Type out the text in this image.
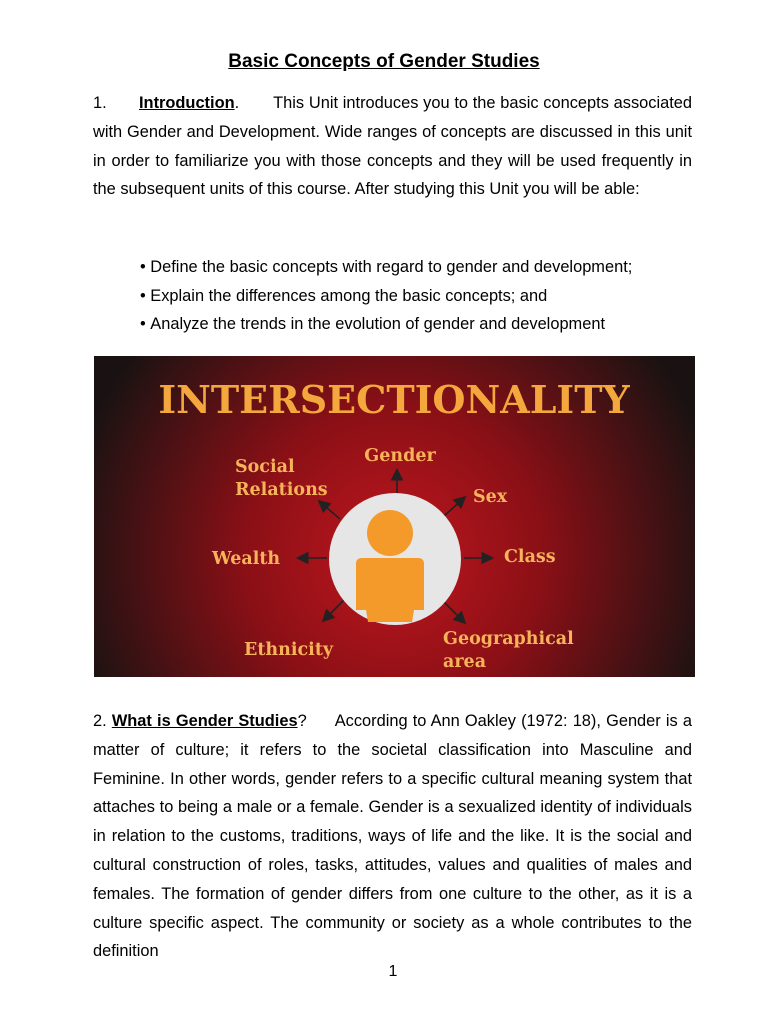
Basic Concepts of Gender Studies

1. Introduction. This Unit introduces you to the basic concepts associated with Gender and Development. Wide ranges of concepts are discussed in this unit in order to familiarize you with those concepts and they will be used frequently in the subsequent units of this course. After studying this Unit you will be able:

• Define the basic concepts with regard to gender and development;
• Explain the differences among the basic concepts; and
• Analyze the trends in the evolution of gender and development
INTERSECTIONALITY
Gender
Social
Relations	Sex
Wealth	Class
Ethnicity
Geographical
area

2. What is Gender Studies? According to Ann Oakley (1972: 18), Gender is a matter of culture; it refers to the societal classification into Masculine and Feminine. In other words, gender refers to a specific cultural meaning system that attaches to being a male or a female. Gender is a sexualized identity of individuals in relation to the customs, traditions, ways of life and the like. It is the social and cultural construction of roles, tasks, attitudes, values and qualities of males and females. The formation of gender differs from one culture to the other, as it is a culture specific aspect. The community or society as a whole contributes to the definition

1
